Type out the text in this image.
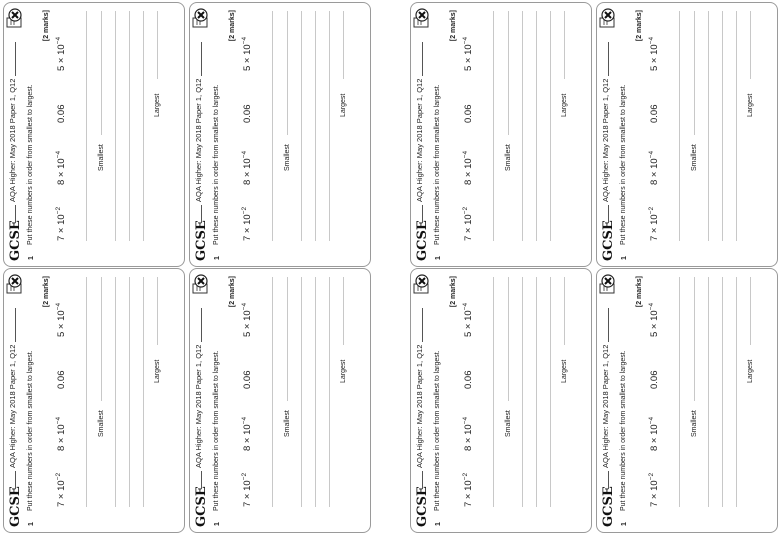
GCSE
AQA Higher: May 2018 Paper 1, Q12
1
Put these numbers in order from smallest to largest.
[2 marks]
$7 \times 10^{-2}$
$8 \times 10^{-4}$
0.06
$5 \times 10^{-4}$
Smallest
Largest
GCSE
AQA Higher: May 2018 Paper 1, Q12
1
Put these numbers in order from smallest to largest.
[2 marks]
$7 \times 10^{-2}$
$8 \times 10^{-4}$
0.06
$5 \times 10^{-4}$
Smallest
Largest
GCSE
AQA Higher: May 2018 Paper 1, Q12
1
Put these numbers in order from smallest to largest.
[2 marks]
$7 \times 10^{-2}$
$8 \times 10^{-4}$
0.06
$5 \times 10^{-4}$
Smallest
Largest
GCSE
AQA Higher: May 2018 Paper 1, Q12
1
Put these numbers in order from smallest to largest.
[2 marks]
$7 \times 10^{-2}$
$8 \times 10^{-4}$
0.06
$5 \times 10^{-4}$
Smallest
Largest
GCSE
AQA Higher: May 2018 Paper 1, Q12
1
Put these numbers in order from smallest to largest.
[2 marks]
$7 \times 10^{-2}$
$8 \times 10^{-4}$
0.06
$5 \times 10^{-4}$
Smallest
Largest
GCSE
AQA Higher: May 2018 Paper 1, Q12
1
Put these numbers in order from smallest to largest.
[2 marks]
$7 \times 10^{-2}$
$8 \times 10^{-4}$
0.06
$5 \times 10^{-4}$
Smallest
Largest
GCSE
AQA Higher: May 2018 Paper 1, Q12
1
Put these numbers in order from smallest to largest.
[2 marks]
$7 \times 10^{-2}$
$8 \times 10^{-4}$
0.06
$5 \times 10^{-4}$
Smallest
Largest
GCSE
AQA Higher: May 2018 Paper 1, Q12
1
Put these numbers in order from smallest to largest.
[2 marks]
$7 \times 10^{-2}$
$8 \times 10^{-4}$
0.06
$5 \times 10^{-4}$
Smallest
Largest
